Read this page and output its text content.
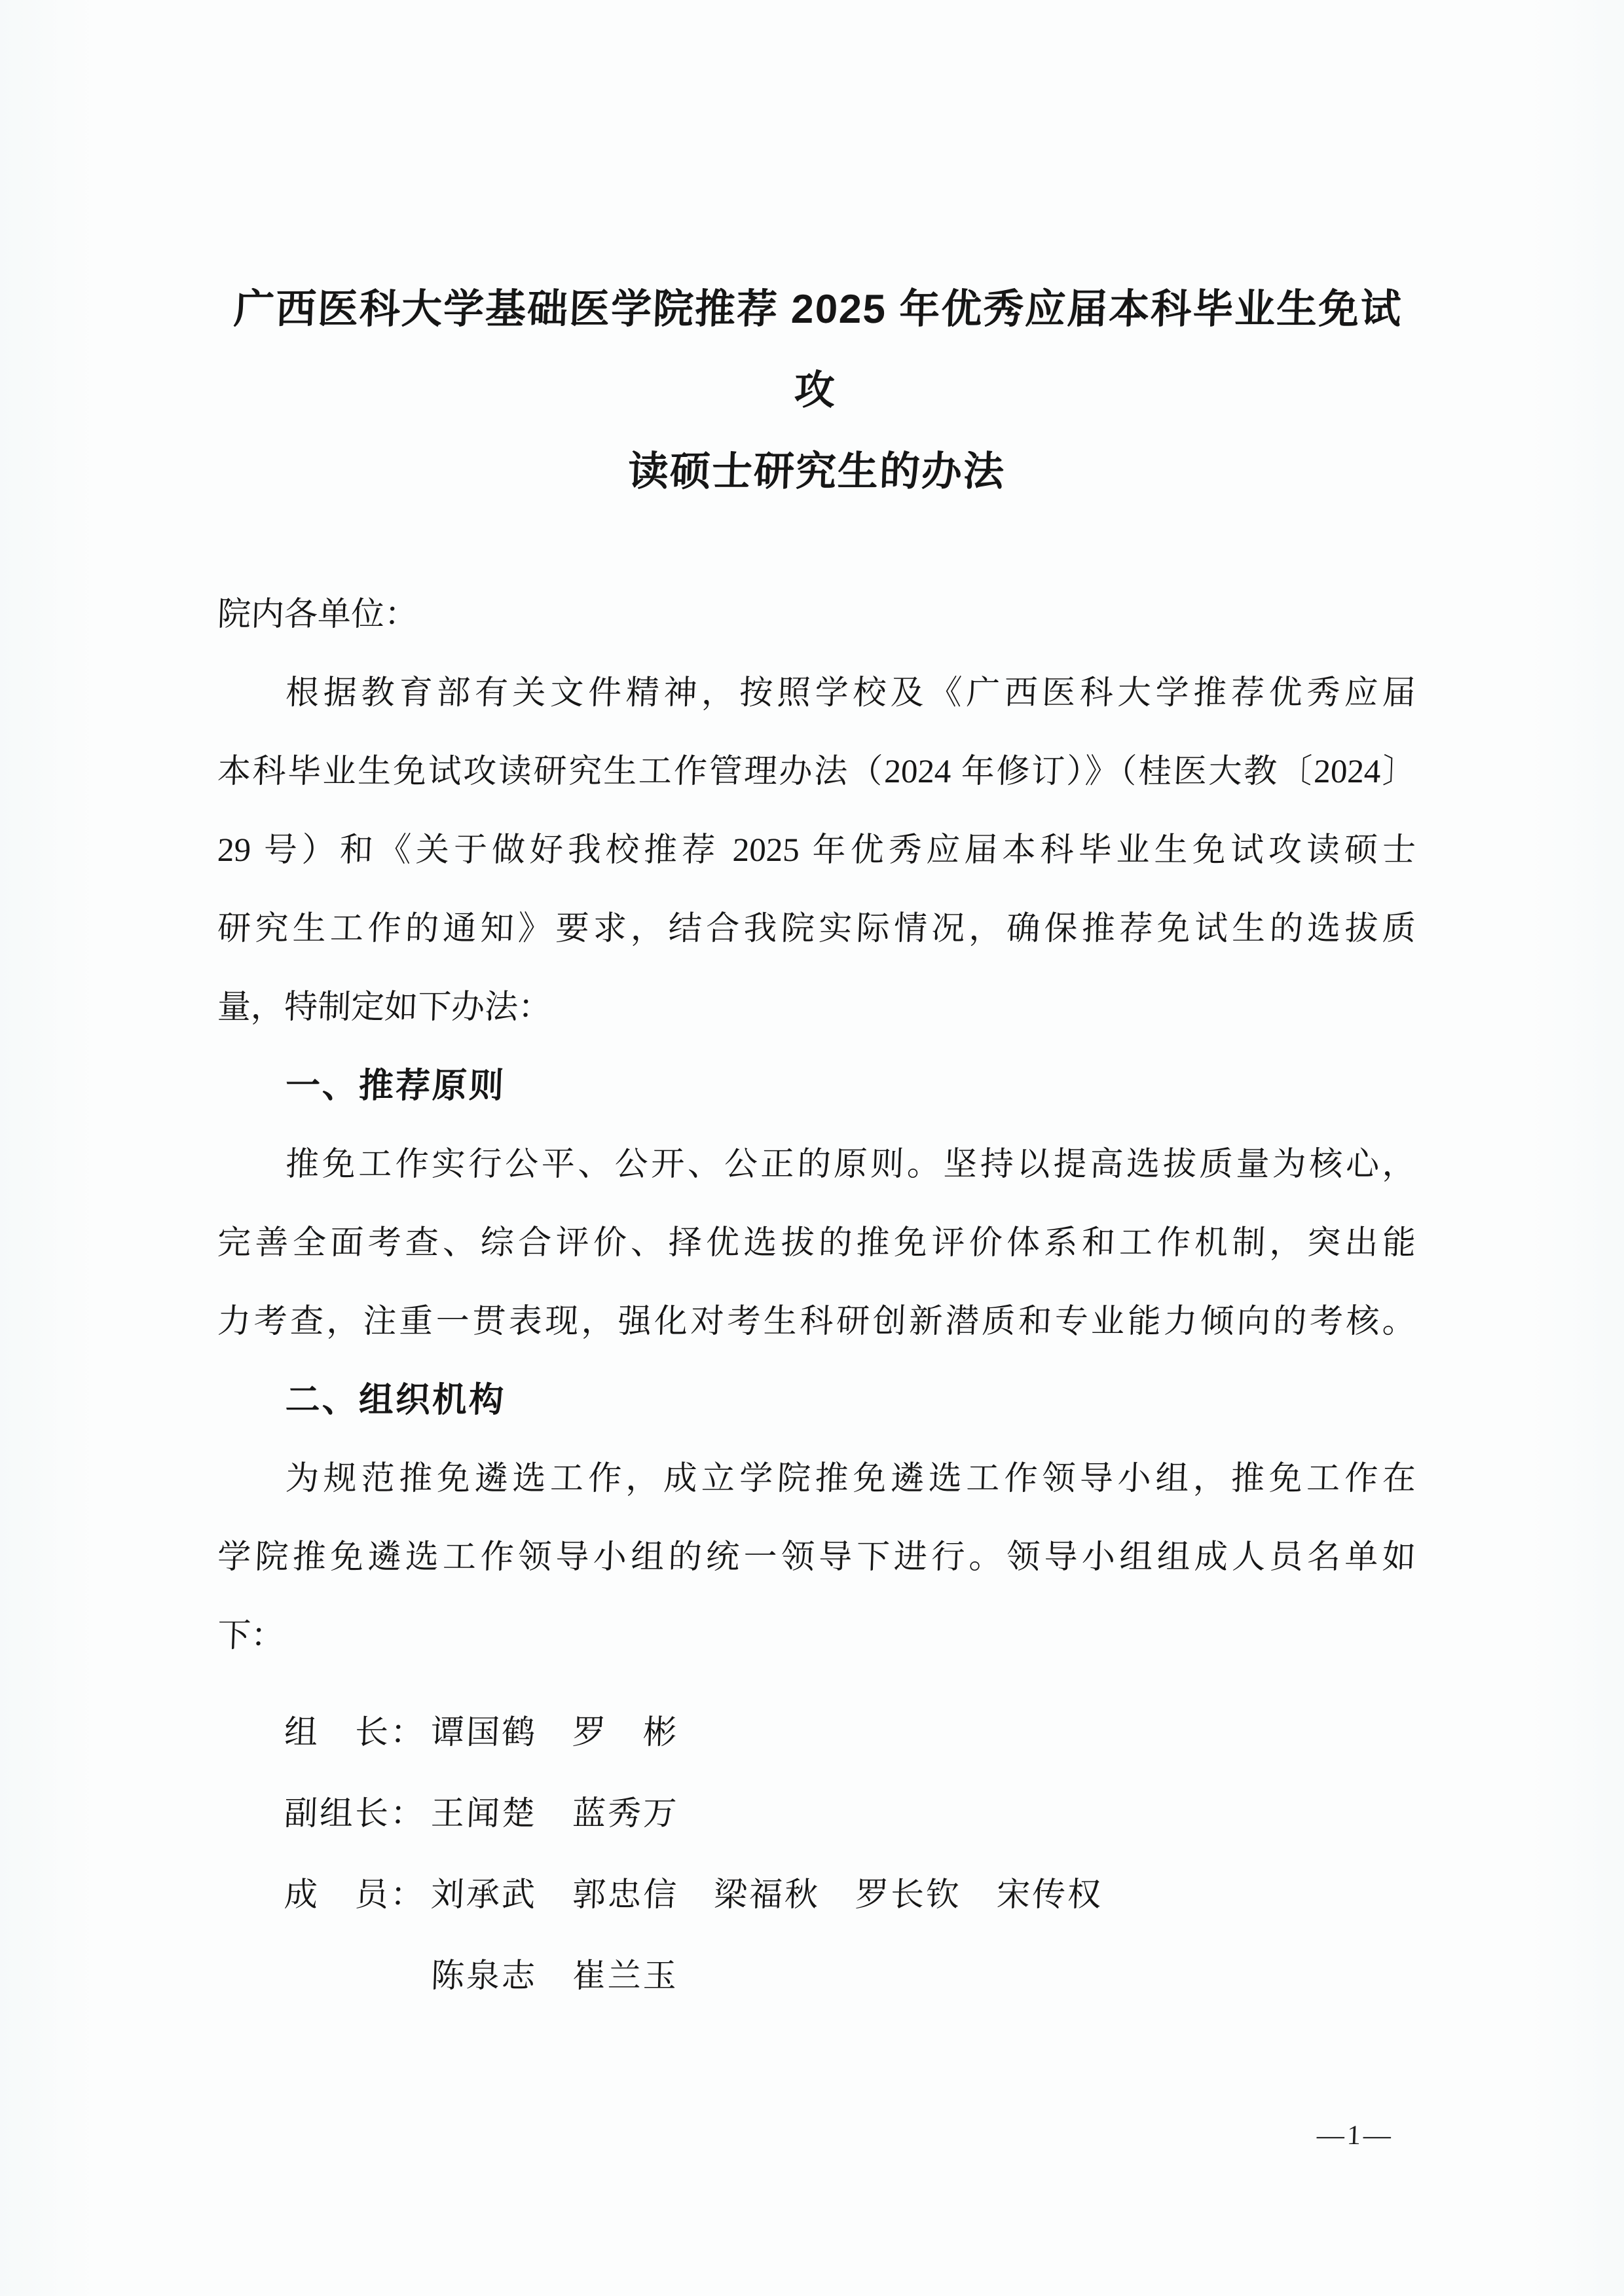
广西医科大学基础医学院推荐 2025 年优秀应届本科毕业生免试攻
读硕士研究生的办法
院内各单位：
根据教育部有关文件精神，按照学校及《广西医科大学推荐优秀应届
本科毕业生免试攻读研究生工作管理办法（2024 年修订）》（桂医大教〔2024〕
29 号）和《关于做好我校推荐 2025 年优秀应届本科毕业生免试攻读硕士
研究生工作的通知》要求，结合我院实际情况，确保推荐免试生的选拔质
量，特制定如下办法：
一、推荐原则
推免工作实行公平、公开、公正的原则。坚持以提高选拔质量为核心，
完善全面考查、综合评价、择优选拔的推免评价体系和工作机制，突出能
力考查，注重一贯表现，强化对考生科研创新潜质和专业能力倾向的考核。
二、组织机构
为规范推免遴选工作，成立学院推免遴选工作领导小组，推免工作在
学院推免遴选工作领导小组的统一领导下进行。领导小组组成人员名单如
下：
组　长： 谭国鹤　罗　彬
副组长： 王闻楚　蓝秀万
成　员： 刘承武　郭忠信　梁福秋　罗长钦　宋传权
陈泉志　崔兰玉
—1—
